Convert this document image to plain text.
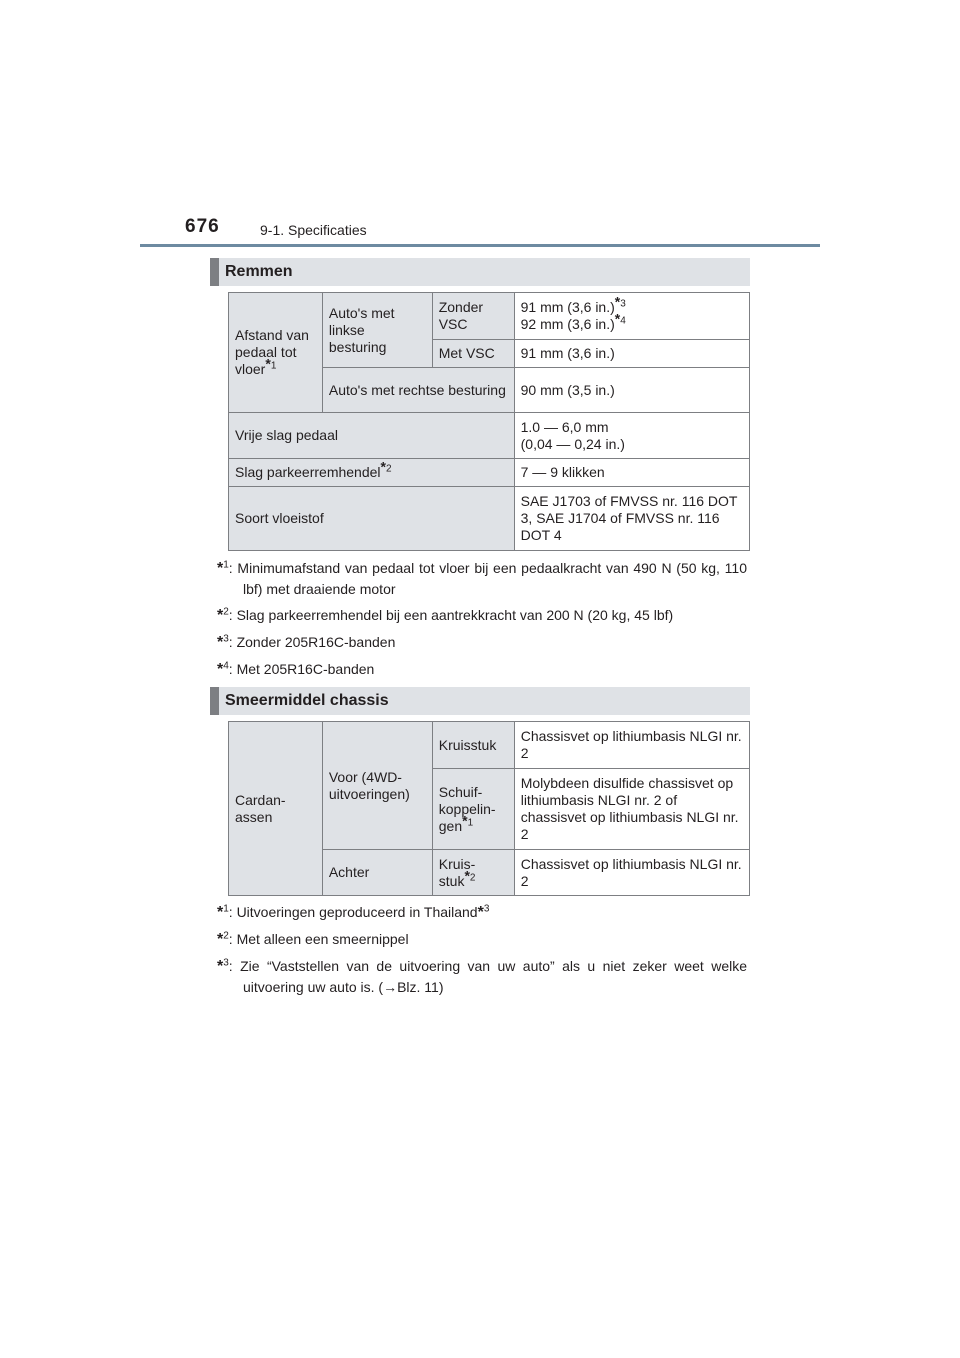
676	9-1. Specificaties
Remmen
Afstand van pedaal tot vloer*$^1$	Auto's met linkse besturing	Zonder VSC	91 mm (3,6 in.)*$^3$
92 mm (3,6 in.)*$^4$
		Met VSC	91 mm (3,6 in.)
	Auto's met rechtse besturing		90 mm (3,5 in.)
Vrije slag pedaal			1.0 — 6,0 mm
(0,04 — 0,24 in.)
Slag parkeerremhendel*$^2$			7 — 9 klikken
Soort vloeistof			SAE J1703 of FMVSS nr. 116 DOT 3, SAE J1704 of FMVSS nr. 116 DOT 4
*$^1$: Minimumafstand van pedaal tot vloer bij een pedaalkracht van 490 N (50 kg, 110 lbf) met draaiende motor
*$^2$: Slag parkeerremhendel bij een aantrekkracht van 200 N (20 kg, 45 lbf)
*$^3$: Zonder 205R16C-banden
*$^4$: Met 205R16C-banden
Smeermiddel chassis
Cardan- assen	Voor (4WD- uitvoeringen)	Kruisstuk	Chassisvet op lithiumbasis NLGI nr. 2
		Schuif- koppelin- gen*$^1$	Molybdeen disulfide chassisvet op lithiumbasis NLGI nr. 2 of chassisvet op lithiumbasis NLGI nr. 2
	Achter	Kruis- stuk*$^2$	Chassisvet op lithiumbasis NLGI nr. 2
*$^1$: Uitvoeringen geproduceerd in Thailand*$^3$
*$^2$: Met alleen een smeernippel
*$^3$: Zie “Vaststellen van de uitvoering van uw auto” als u niet zeker weet welke uitvoering uw auto is. (→Blz. 11)
